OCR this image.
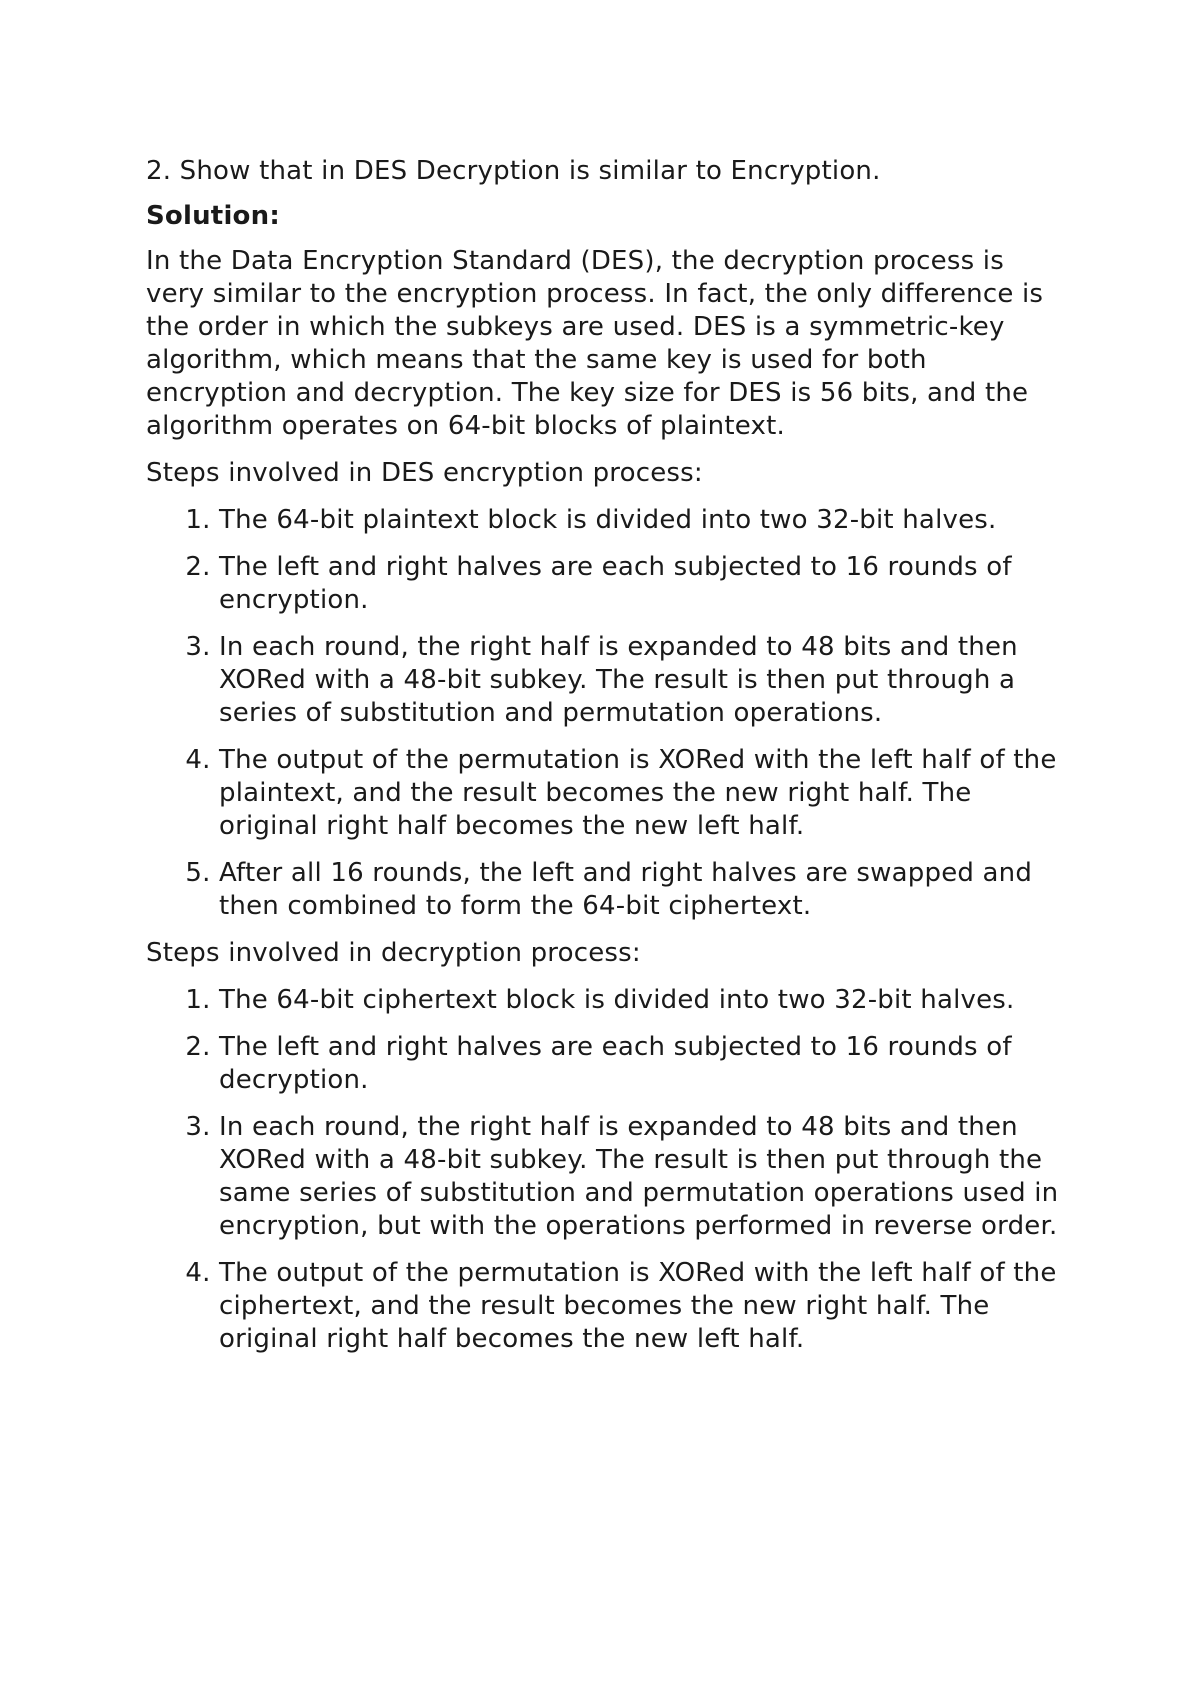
2. Show that in DES Decryption is similar to Encryption.

Solution:

In the Data Encryption Standard (DES), the decryption process is very similar to the encryption process. In fact, the only difference is the order in which the subkeys are used. DES is a symmetric-key algorithm, which means that the same key is used for both encryption and decryption. The key size for DES is 56 bits, and the algorithm operates on 64-bit blocks of plaintext.

Steps involved in DES encryption process:

1. The 64-bit plaintext block is divided into two 32-bit halves.
2. The left and right halves are each subjected to 16 rounds of encryption.
3. In each round, the right half is expanded to 48 bits and then XORed with a 48-bit subkey. The result is then put through a series of substitution and permutation operations.
4. The output of the permutation is XORed with the left half of the plaintext, and the result becomes the new right half. The original right half becomes the new left half.
5. After all 16 rounds, the left and right halves are swapped and then combined to form the 64-bit ciphertext.

Steps involved in decryption process:

1. The 64-bit ciphertext block is divided into two 32-bit halves.
2. The left and right halves are each subjected to 16 rounds of decryption.
3. In each round, the right half is expanded to 48 bits and then XORed with a 48-bit subkey. The result is then put through the same series of substitution and permutation operations used in encryption, but with the operations performed in reverse order.
4. The output of the permutation is XORed with the left half of the ciphertext, and the result becomes the new right half. The original right half becomes the new left half.
